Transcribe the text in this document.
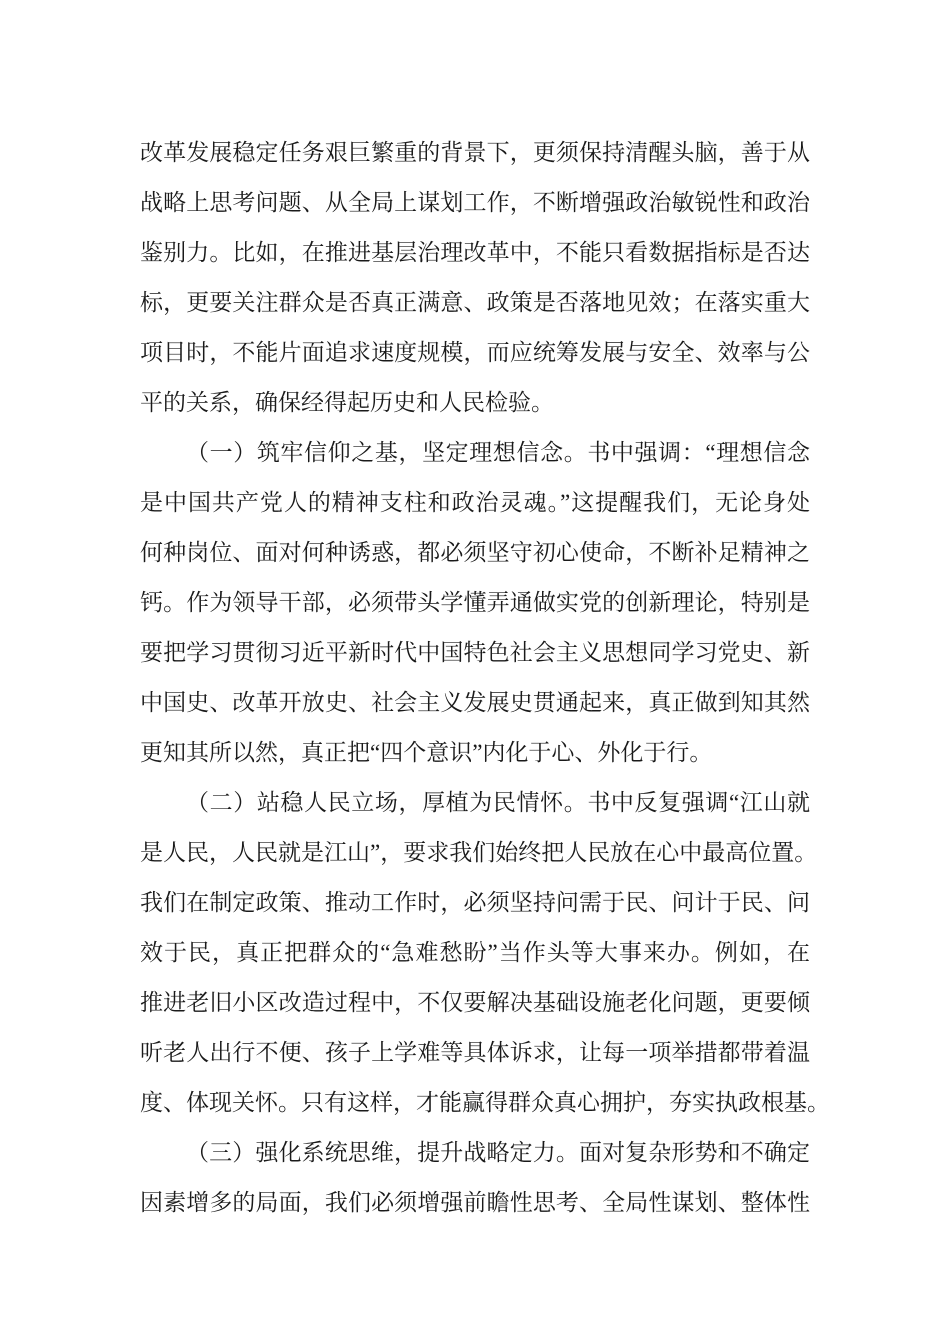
改革发展稳定任务艰巨繁重的背景下，更须保持清醒头脑，善于从
战略上思考问题、从全局上谋划工作，不断增强政治敏锐性和政治
鉴别力。比如，在推进基层治理改革中，不能只看数据指标是否达
标，更要关注群众是否真正满意、政策是否落地见效；在落实重大
项目时，不能片面追求速度规模，而应统筹发展与安全、效率与公
平的关系，确保经得起历史和人民检验。
（一）筑牢信仰之基，坚定理想信念。书中强调：“理想信念
是中国共产党人的精神支柱和政治灵魂。”这提醒我们，无论身处
何种岗位、面对何种诱惑，都必须坚守初心使命，不断补足精神之
钙。作为领导干部，必须带头学懂弄通做实党的创新理论，特别是
要把学习贯彻习近平新时代中国特色社会主义思想同学习党史、新
中国史、改革开放史、社会主义发展史贯通起来，真正做到知其然
更知其所以然，真正把“四个意识”内化于心、外化于行。
（二）站稳人民立场，厚植为民情怀。书中反复强调“江山就
是人民，人民就是江山”，要求我们始终把人民放在心中最高位置。
我们在制定政策、推动工作时，必须坚持问需于民、问计于民、问
效于民，真正把群众的“急难愁盼”当作头等大事来办。例如，在
推进老旧小区改造过程中，不仅要解决基础设施老化问题，更要倾
听老人出行不便、孩子上学难等具体诉求，让每一项举措都带着温
度、体现关怀。只有这样，才能赢得群众真心拥护，夯实执政根基。
（三）强化系统思维，提升战略定力。面对复杂形势和不确定
因素增多的局面，我们必须增强前瞻性思考、全局性谋划、整体性
